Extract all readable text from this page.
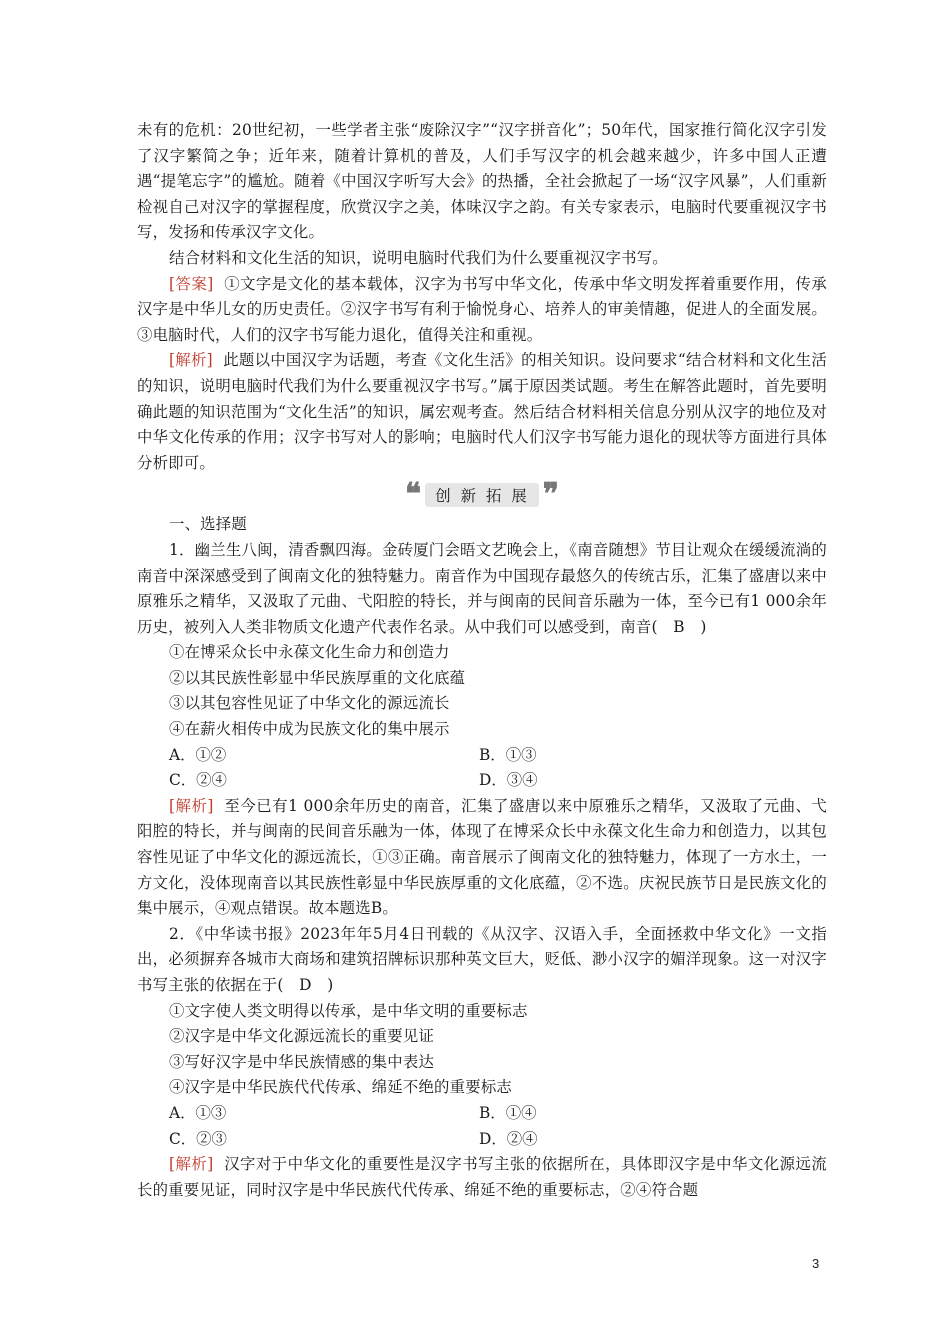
未有的危机：20世纪初，一些学者主张“废除汉字”“汉字拼音化”；50年代，国家推行简化汉字引发了汉字繁简之争；近年来，随着计算机的普及，人们手写汉字的机会越来越少，许多中国人正遭遇“提笔忘字”的尴尬。随着《中国汉字听写大会》的热播，全社会掀起了一场“汉字风暴”，人们重新检视自己对汉字的掌握程度，欣赏汉字之美，体味汉字之韵。有关专家表示，电脑时代要重视汉字书写，发扬和传承汉字文化。

结合材料和文化生活的知识，说明电脑时代我们为什么要重视汉字书写。

[答案] ①文字是文化的基本载体，汉字为书写中华文化，传承中华文明发挥着重要作用，传承汉字是中华儿女的历史责任。②汉字书写有利于愉悦身心、培养人的审美情趣，促进人的全面发展。③电脑时代，人们的汉字书写能力退化，值得关注和重视。

[解析] 此题以中国汉字为话题，考查《文化生活》的相关知识。设问要求“结合材料和文化生活的知识，说明电脑时代我们为什么要重视汉字书写。”属于原因类试题。考生在解答此题时，首先要明确此题的知识范围为“文化生活”的知识，属宏观考查。然后结合材料相关信息分别从汉字的地位及对中华文化传承的作用；汉字书写对人的影响；电脑时代人们汉字书写能力退化的现状等方面进行具体分析即可。

❝ 创新拓展 ❞

一、选择题

1．幽兰生八闽，清香飘四海。金砖厦门会晤文艺晚会上，《南音随想》节目让观众在缓缓流淌的南音中深深感受到了闽南文化的独特魅力。南音作为中国现存最悠久的传统古乐，汇集了盛唐以来中原雅乐之精华，又汲取了元曲、弋阳腔的特长，并与闽南的民间音乐融为一体，至今已有1 000余年历史，被列入人类非物质文化遗产代表作名录。从中我们可以感受到，南音(　B　)

①在博采众长中永葆文化生命力和创造力

②以其民族性彰显中华民族厚重的文化底蕴

③以其包容性见证了中华文化的源远流长

④在薪火相传中成为民族文化的集中展示

A．①②	B．①③
C．②④	D．③④

[解析] 至今已有1 000余年历史的南音，汇集了盛唐以来中原雅乐之精华，又汲取了元曲、弋阳腔的特长，并与闽南的民间音乐融为一体，体现了在博采众长中永葆文化生命力和创造力，以其包容性见证了中华文化的源远流长，①③正确。南音展示了闽南文化的独特魅力，体现了一方水土，一方文化，没体现南音以其民族性彰显中华民族厚重的文化底蕴，②不选。庆祝民族节日是民族文化的集中展示，④观点错误。故本题选B。

2．《中华读书报》2023年年5月4日刊载的《从汉字、汉语入手，全面拯救中华文化》一文指出，必须摒弃各城市大商场和建筑招牌标识那种英文巨大，贬低、渺小汉字的媚洋现象。这一对汉字书写主张的依据在于(　D　)

①文字使人类文明得以传承，是中华文明的重要标志

②汉字是中华文化源远流长的重要见证

③写好汉字是中华民族情感的集中表达

④汉字是中华民族代代传承、绵延不绝的重要标志

A．①③	B．①④
C．②③	D．②④

[解析] 汉字对于中华文化的重要性是汉字书写主张的依据所在，具体即汉字是中华文化源远流长的重要见证，同时汉字是中华民族代代传承、绵延不绝的重要标志，②④符合题

3
